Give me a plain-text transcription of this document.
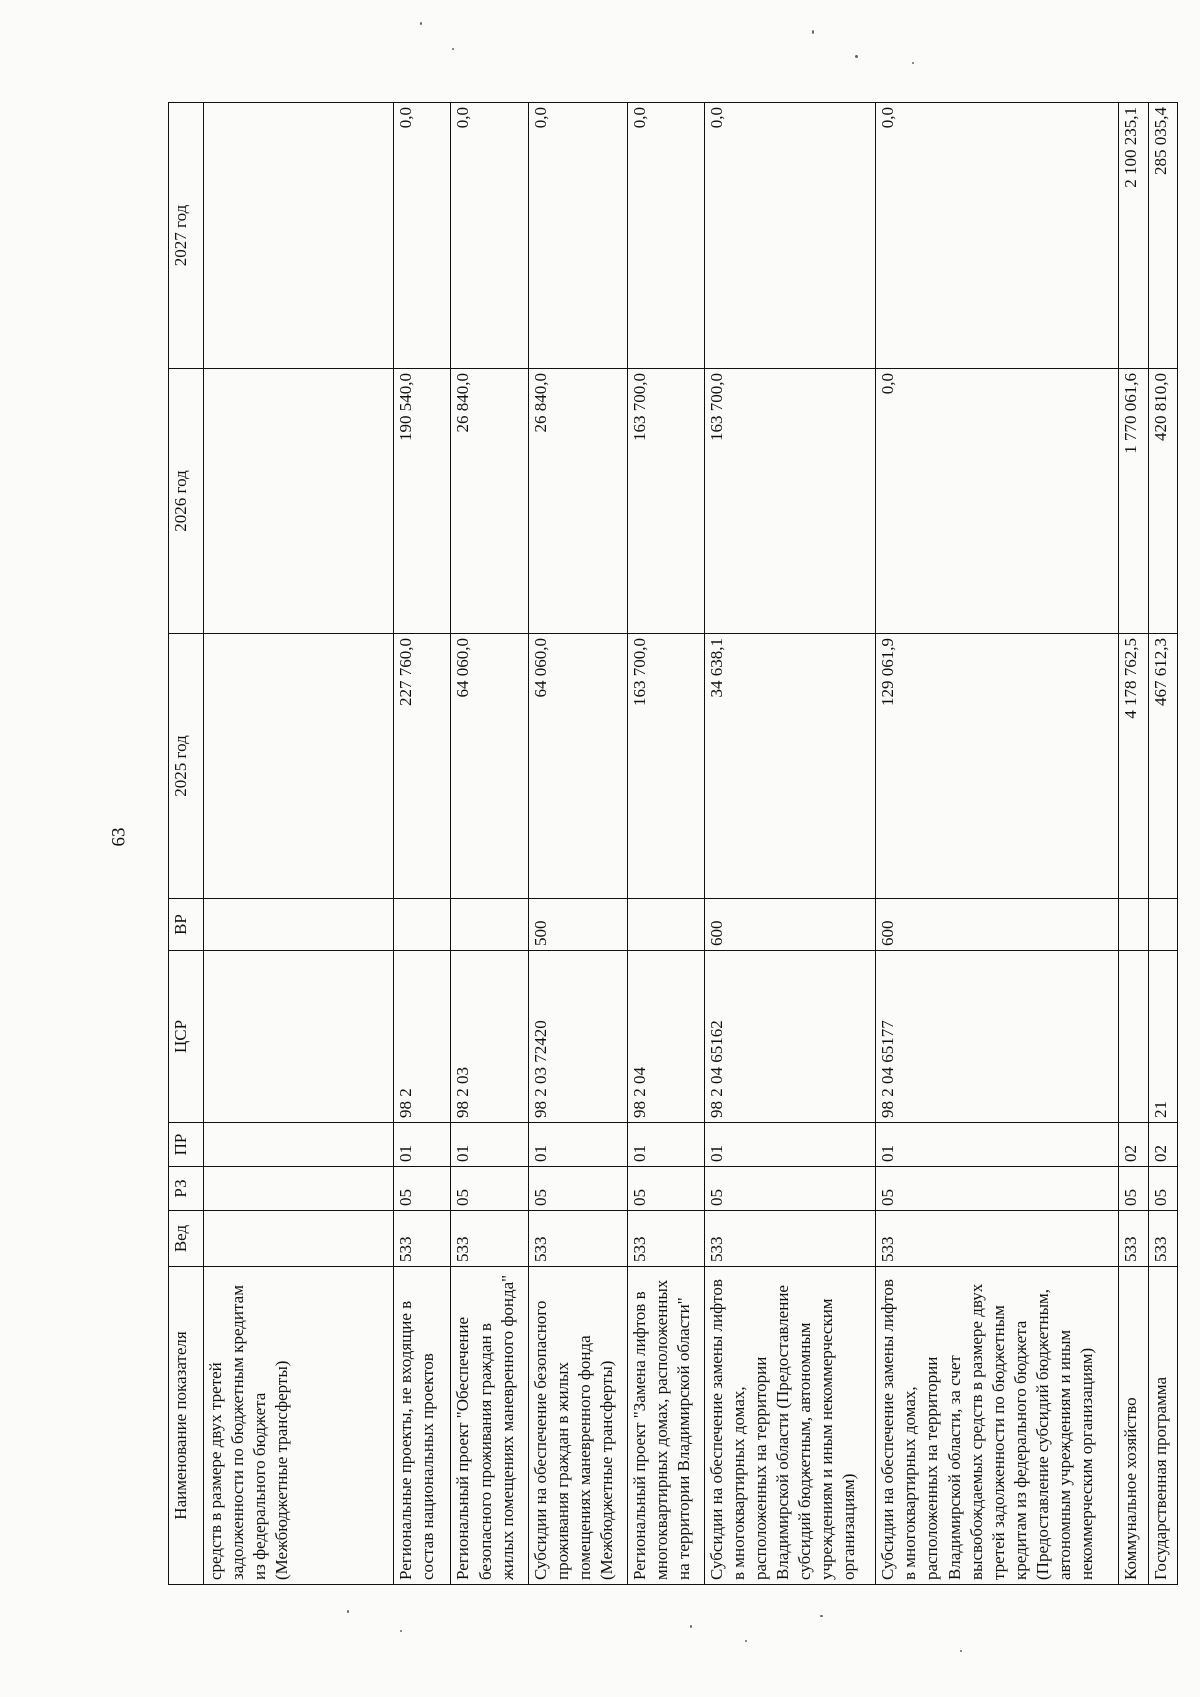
63
Наименование показателя	Вед	РЗ	ПР	ЦСР	ВР	2025 год	2026 год	2027 год
средств в размере двух третей задолженности по бюджетным кредитам из федерального бюджета (Межбюджетные трансферты)								
Региональные проекты, не входящие в состав национальных проектов	533	05	01	98 2		227 760,0	190 540,0	0,0
Региональный проект "Обеспечение безопасного проживания граждан в жилых помещениях маневренного фонда"	533	05	01	98 2 03		64 060,0	26 840,0	0,0
Субсидии на обеспечение безопасного проживания граждан в жилых помещениях маневренного фонда (Межбюджетные трансферты)	533	05	01	98 2 03 72420	500	64 060,0	26 840,0	0,0
Региональный проект "Замена лифтов в многоквартирных домах, расположенных на территории Владимирской области"	533	05	01	98 2 04		163 700,0	163 700,0	0,0
Субсидии на обеспечение замены лифтов в многоквартирных домах, расположенных на территории Владимирской области (Предоставление субсидий бюджетным, автономным учреждениям и иным некоммерческим организациям)	533	05	01	98 2 04 65162	600	34 638,1	163 700,0	0,0
Субсидии на обеспечение замены лифтов в многоквартирных домах, расположенных на территории Владимирской области, за счет высвобождаемых средств в размере двух третей задолженности по бюджетным кредитам из федерального бюджета (Предоставление субсидий бюджетным, автономным учреждениям и иным некоммерческим организациям)	533	05	01	98 2 04 65177	600	129 061,9	0,0	0,0
Коммунальное хозяйство	533	05	02			4 178 762,5	1 770 061,6	2 100 235,1
Государственная программа	533	05	02	21		467 612,3	420 810,0	285 035,4
